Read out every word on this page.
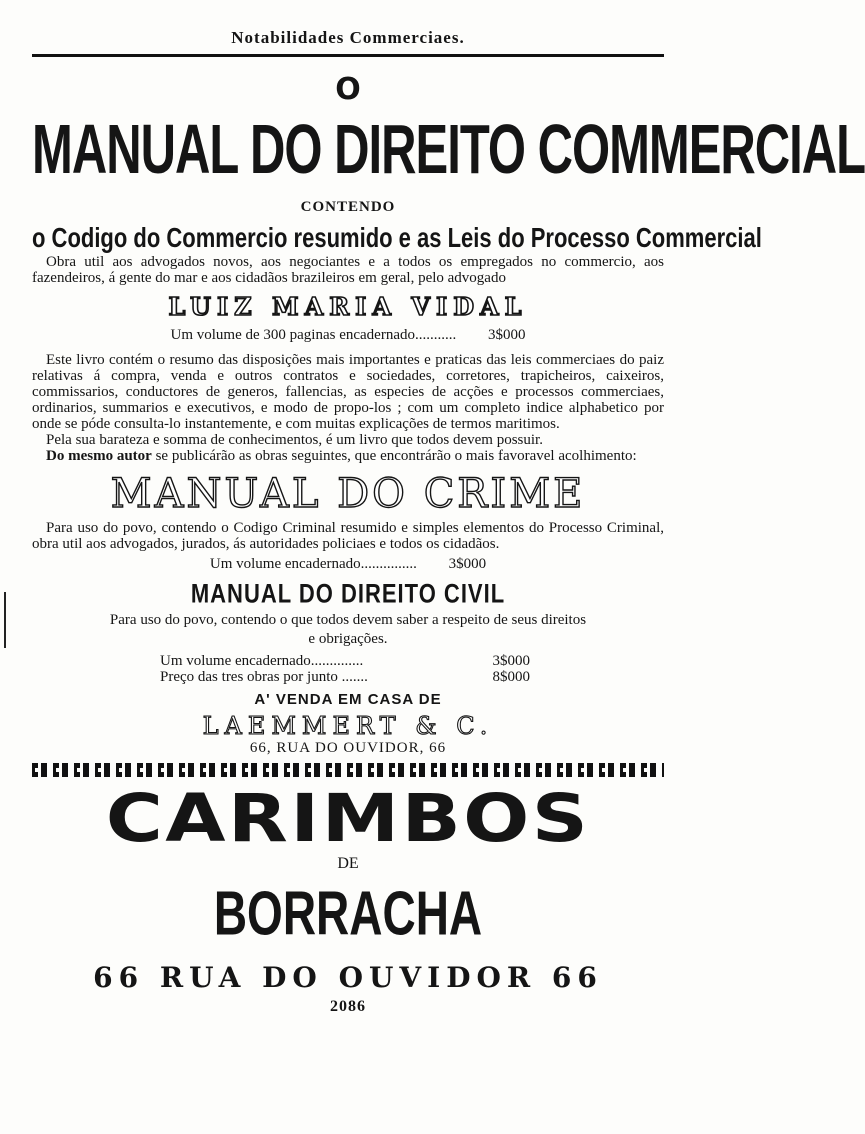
Notabilidades Commerciaes.
O
MANUAL DO DIREITO COMMERCIAL
CONTENDO
o Codigo do Commercio resumido e as Leis do Processo Commercial

Obra util aos advogados novos, aos negociantes e a todos os empregados no commercio, aos fazendeiros, á gente do mar e aos cidadãos brazileiros em geral, pelo advogado

LUIZ MARIA VIDAL
Um volume de 300 paginas encadernado........... 3$000

Este livro contém o resumo das disposições mais importantes e praticas das leis commerciaes do paiz relativas á compra, venda e outros contratos e sociedades, corretores, trapicheiros, caixeiros, commissarios, conductores de generos, fallencias, as especies de acções e processos commerciaes, ordinarios, summarios e executivos, e modo de propo-los ; com um completo indice alphabetico por onde se póde consulta-lo instantemente, e com muitas explicações de termos maritimos.

Pela sua barateza e somma de conhecimentos, é um livro que todos devem possuir.

Do mesmo autor se publicárão as obras seguintes, que encontrárão o mais favoravel acolhimento:

MANUAL DO CRIME

Para uso do povo, contendo o Codigo Criminal resumido e simples elementos do Processo Criminal, obra util aos advogados, jurados, ás autoridades policiaes e todos os cidadãos.

Um volume encadernado............... 3$000
MANUAL DO DIREITO CIVIL

Para uso do povo, contendo o que todos devem saber a respeito de seus direitos

e obrigações.

Um volume encadernado..............	3$000
Preço das tres obras por junto .......	8$000
A' VENDA EM CASA DE
LAEMMERT & C.
66, RUA DO OUVIDOR, 66
CARIMBOS
DE
BORRACHA
66 RUA DO OUVIDOR 66
2086
